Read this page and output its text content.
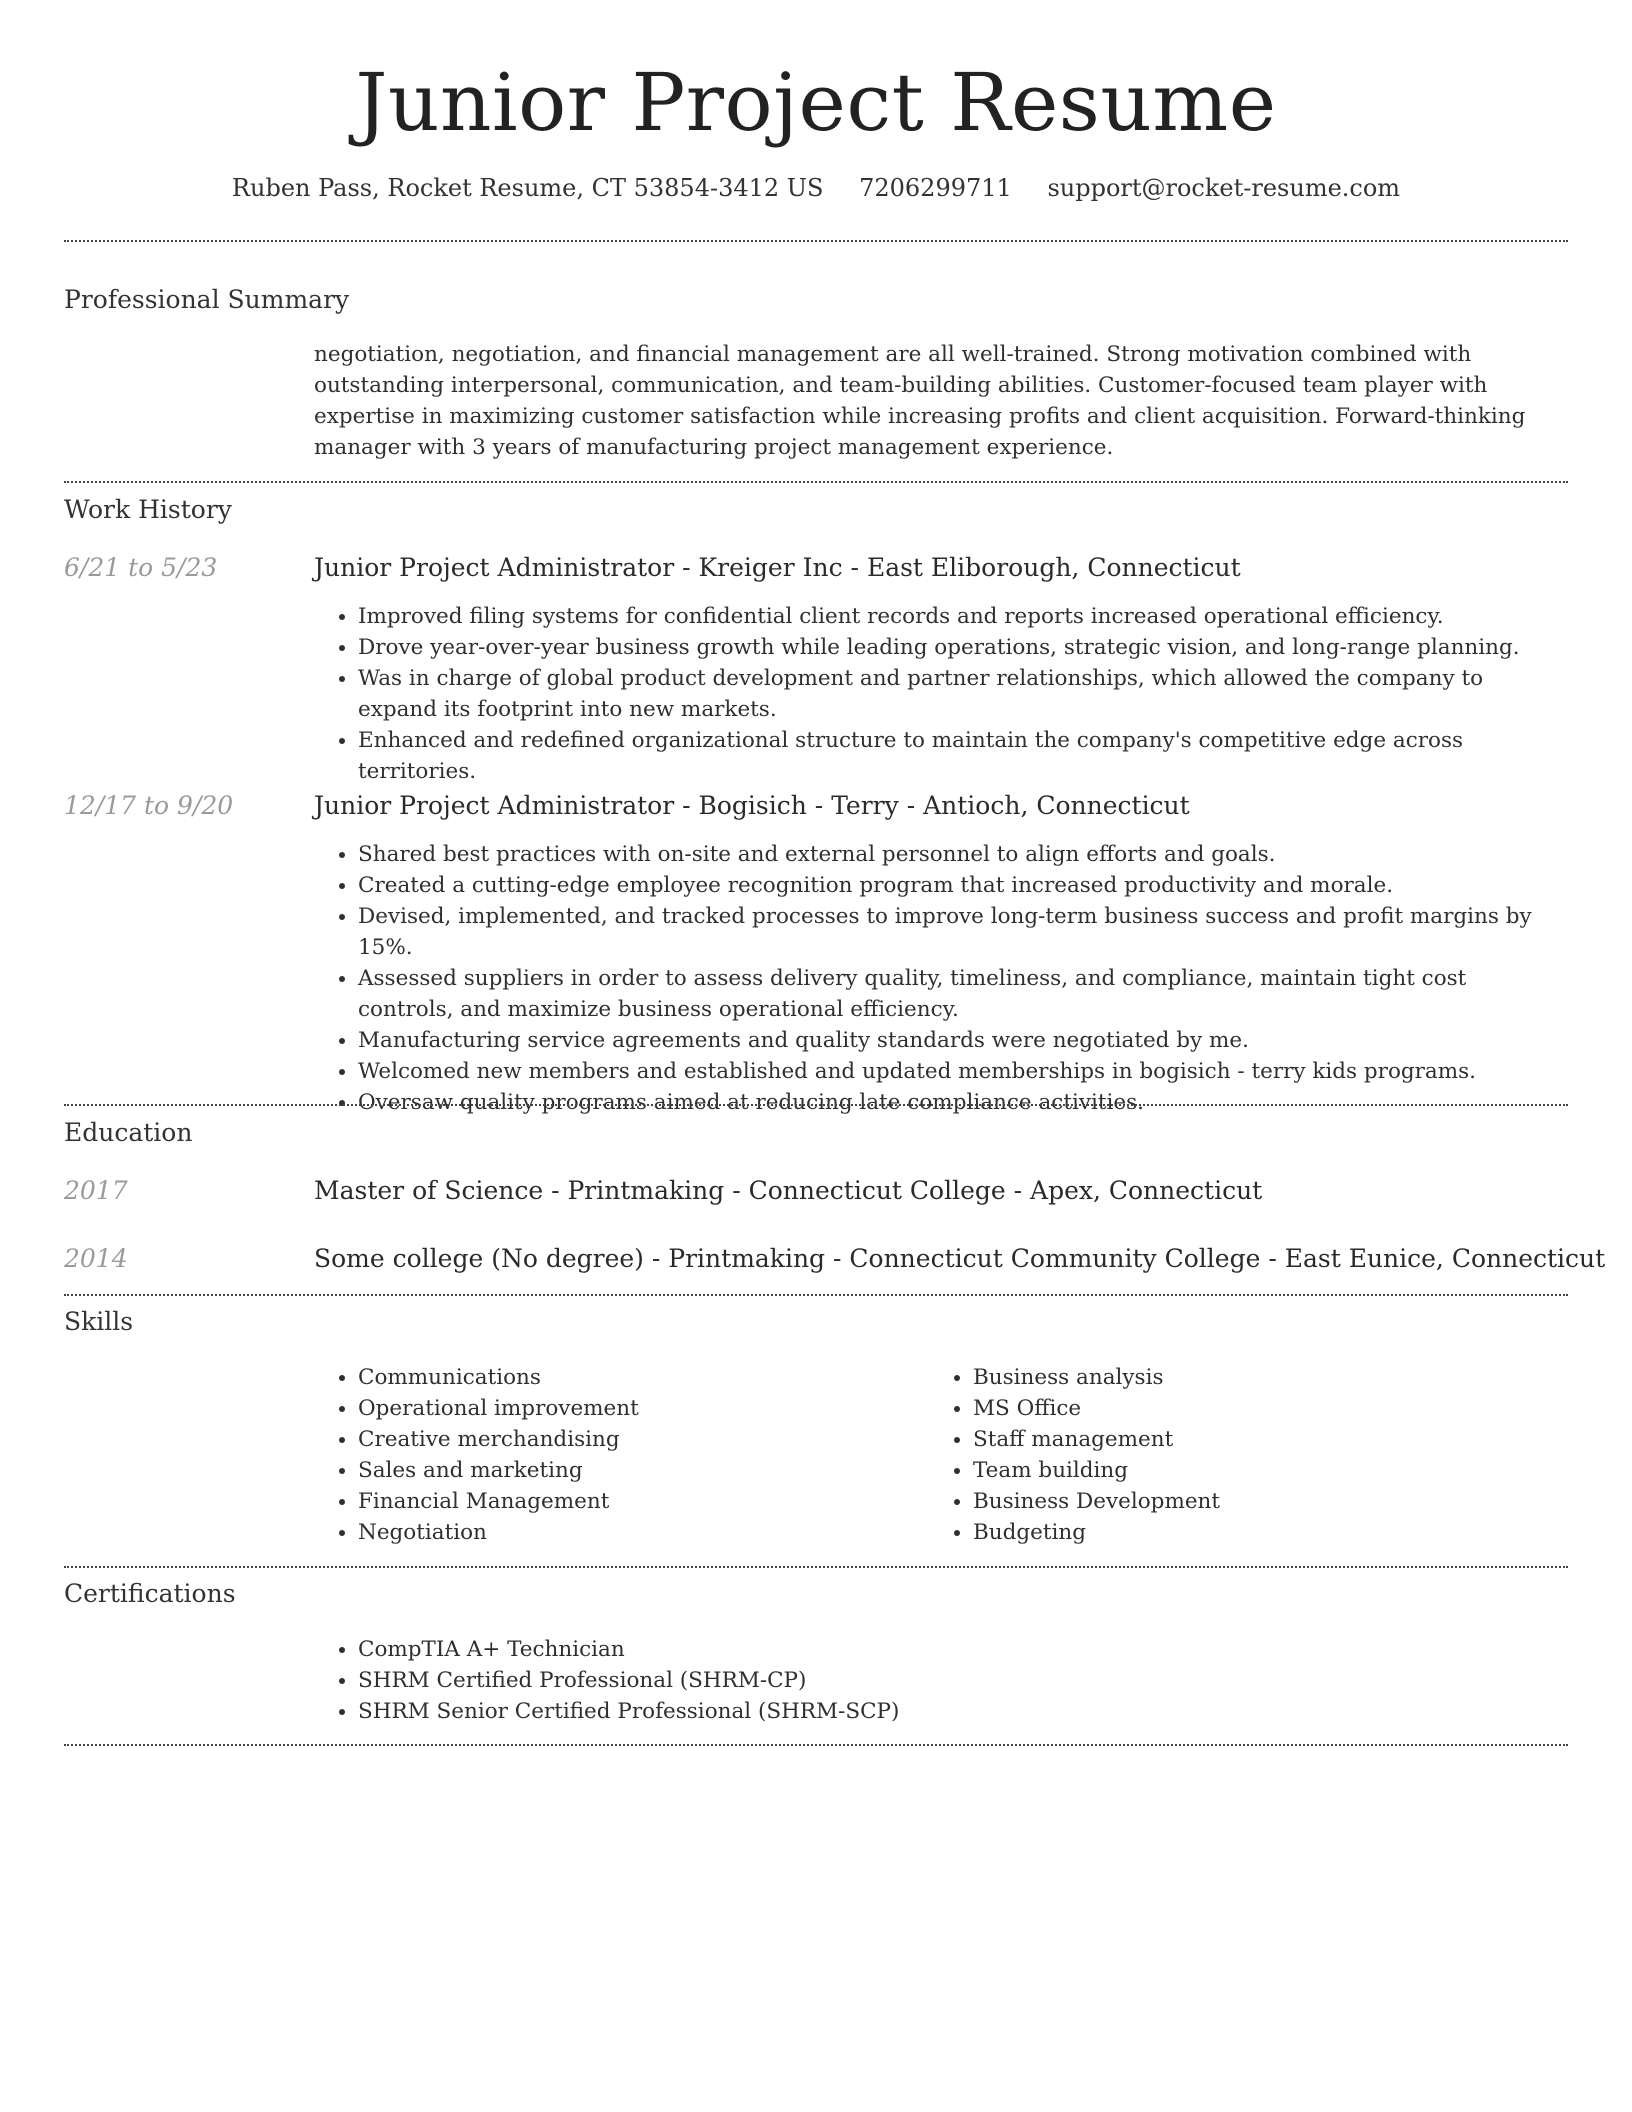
Junior Project Resume
Ruben Pass, Rocket Resume, CT 53854-3412 US 7206299711 support@rocket-resume.com
Professional Summary
negotiation, negotiation, and financial management are all well-trained. Strong motivation combined with outstanding interpersonal, communication, and team-building abilities. Customer-focused team player with expertise in maximizing customer satisfaction while increasing profits and client acquisition. Forward-thinking manager with 3 years of manufacturing project management experience.
Work History
6/21 to 5/23	Junior Project Administrator - Kreiger Inc - East Eliborough, Connecticut
• Improved filing systems for confidential client records and reports increased operational efficiency.
• Drove year-over-year business growth while leading operations, strategic vision, and long-range planning.
• Was in charge of global product development and partner relationships, which allowed the company to expand its footprint into new markets.
• Enhanced and redefined organizational structure to maintain the company's competitive edge across territories.
12/17 to 9/20	Junior Project Administrator - Bogisich - Terry - Antioch, Connecticut
• Shared best practices with on-site and external personnel to align efforts and goals.
• Created a cutting-edge employee recognition program that increased productivity and morale.
• Devised, implemented, and tracked processes to improve long-term business success and profit margins by 15%.
• Assessed suppliers in order to assess delivery quality, timeliness, and compliance, maintain tight cost controls, and maximize business operational efficiency.
• Manufacturing service agreements and quality standards were negotiated by me.
• Welcomed new members and established and updated memberships in bogisich - terry kids programs.
• Oversaw quality programs aimed at reducing late compliance activities.
Education
2017	Master of Science - Printmaking - Connecticut College - Apex, Connecticut
2014	Some college (No degree) - Printmaking - Connecticut Community College - East Eunice, Connecticut
Skills
• Communications
• Operational improvement
• Creative merchandising
• Sales and marketing
• Financial Management
• Negotiation
• Business analysis
• MS Office
• Staff management
• Team building
• Business Development
• Budgeting
Certifications
• CompTIA A+ Technician
• SHRM Certified Professional (SHRM-CP)
• SHRM Senior Certified Professional (SHRM-SCP)
